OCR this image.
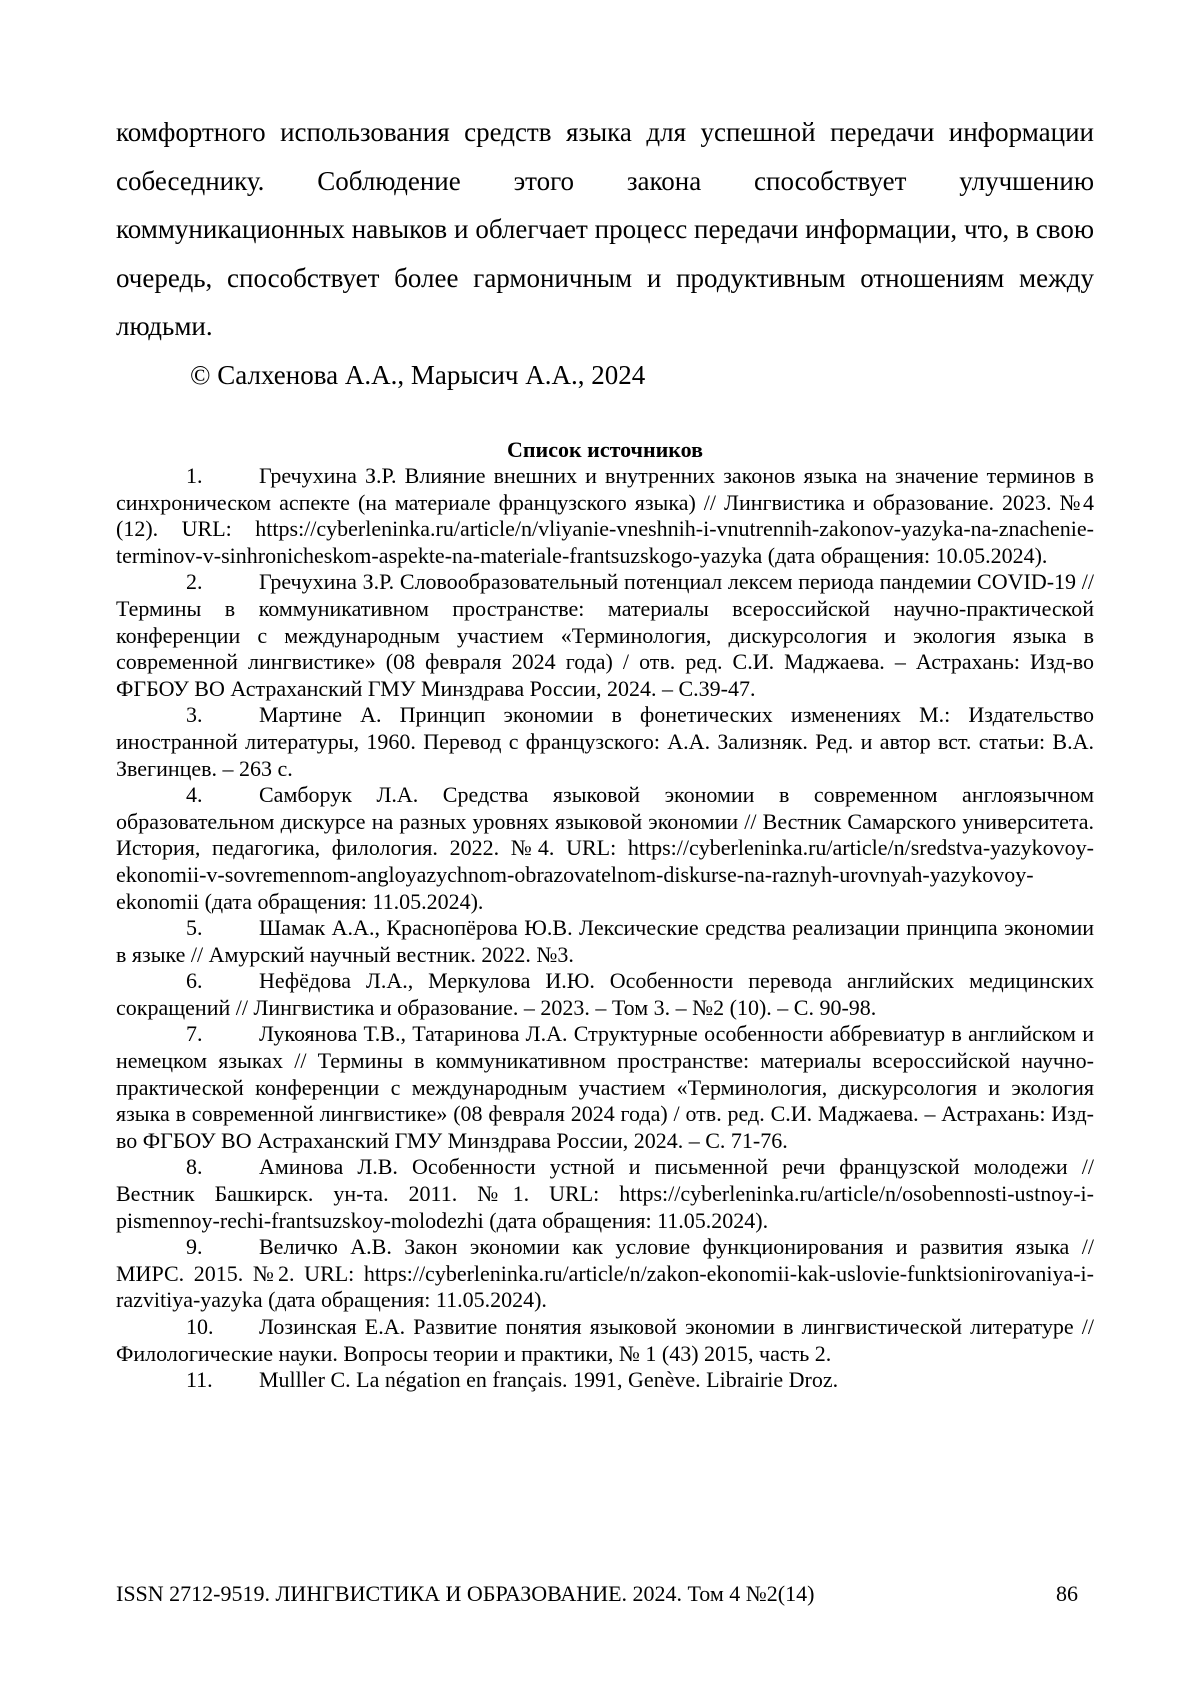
комфортного использования средств языка для успешной передачи информации собеседнику. Соблюдение этого закона способствует улучшению коммуникационных навыков и облегчает процесс передачи информации, что, в свою очередь, способствует более гармоничным и продуктивным отношениям между людьми.

© Салхенова А.А., Марысич А.А., 2024

Список источников
1.	Гречухина З.Р. Влияние внешних и внутренних законов языка на значение терминов в синхроническом аспекте (на материале французского языка) // Лингвистика и образование. 2023. №4 (12). URL: https://cyberleninka.ru/article/n/vliyanie-vneshnih-i-vnutrennih-zakonov-yazyka-na-znachenie-terminov-v-sinhronicheskom-aspekte-na-materiale-frantsuzskogo-yazyka (дата обращения: 10.05.2024).
2.	Гречухина З.Р. Словообразовательный потенциал лексем периода пандемии COVID-19 // Термины в коммуникативном пространстве: материалы всероссийской научно-практической конференции с международным участием «Терминология, дискурсология и экология языка в современной лингвистике» (08 февраля 2024 года) / отв. ред. С.И. Маджаева. – Астрахань: Изд-во ФГБОУ ВО Астраханский ГМУ Минздрава России, 2024. – С.39-47.
3.	Мартине А. Принцип экономии в фонетических изменениях М.: Издательство иностранной литературы, 1960. Перевод с французского: А.А. Зализняк. Ред. и автор вст. статьи: В.А. Звегинцев. – 263 с.
4.	Самборук Л.А. Средства языковой экономии в современном англоязычном образовательном дискурсе на разных уровнях языковой экономии // Вестник Самарского университета. История, педагогика, филология. 2022. №4. URL: https://cyberleninka.ru/article/n/sredstva-yazykovoy-ekonomii-v-sovremennom-angloyazychnom-obrazovatelnom-diskurse-na-raznyh-urovnyah-yazykovoy-ekonomii (дата обращения: 11.05.2024).
5.	Шамак А.А., Краснопёрова Ю.В. Лексические средства реализации принципа экономии в языке // Амурский научный вестник. 2022. №3.
6.	Нефёдова Л.А., Меркулова И.Ю. Особенности перевода английских медицинских сокращений // Лингвистика и образование. – 2023. – Том 3. – №2 (10). – С. 90-98.
7.	Лукоянова Т.В., Татаринова Л.А. Структурные особенности аббревиатур в английском и немецком языках // Термины в коммуникативном пространстве: материалы всероссийской научно-практической конференции с международным участием «Терминология, дискурсология и экология языка в современной лингвистике» (08 февраля 2024 года) / отв. ред. С.И. Маджаева. – Астрахань: Изд-во ФГБОУ ВО Астраханский ГМУ Минздрава России, 2024. – С. 71-76.
8.	Аминова Л.В. Особенности устной и письменной речи французской молодежи // Вестник Башкирск. ун-та. 2011. №1. URL: https://cyberleninka.ru/article/n/osobennosti-ustnoy-i-pismennoy-rechi-frantsuzskoy-molodezhi (дата обращения: 11.05.2024).
9.	Величко А.В. Закон экономии как условие функционирования и развития языка // МИРС. 2015. №2. URL: https://cyberleninka.ru/article/n/zakon-ekonomii-kak-uslovie-funktsionirovaniya-i-razvitiya-yazyka (дата обращения: 11.05.2024).
10. Лозинская Е.А. Развитие понятия языковой экономии в лингвистической литературе // Филологические науки. Вопросы теории и практики, № 1 (43) 2015, часть 2.
11. Mulller C. La négation en français. 1991, Genève. Librairie Droz.
ISSN 2712-9519. ЛИНГВИСТИКА И ОБРАЗОВАНИЕ. 2024. Том 4 №2(14)	86
